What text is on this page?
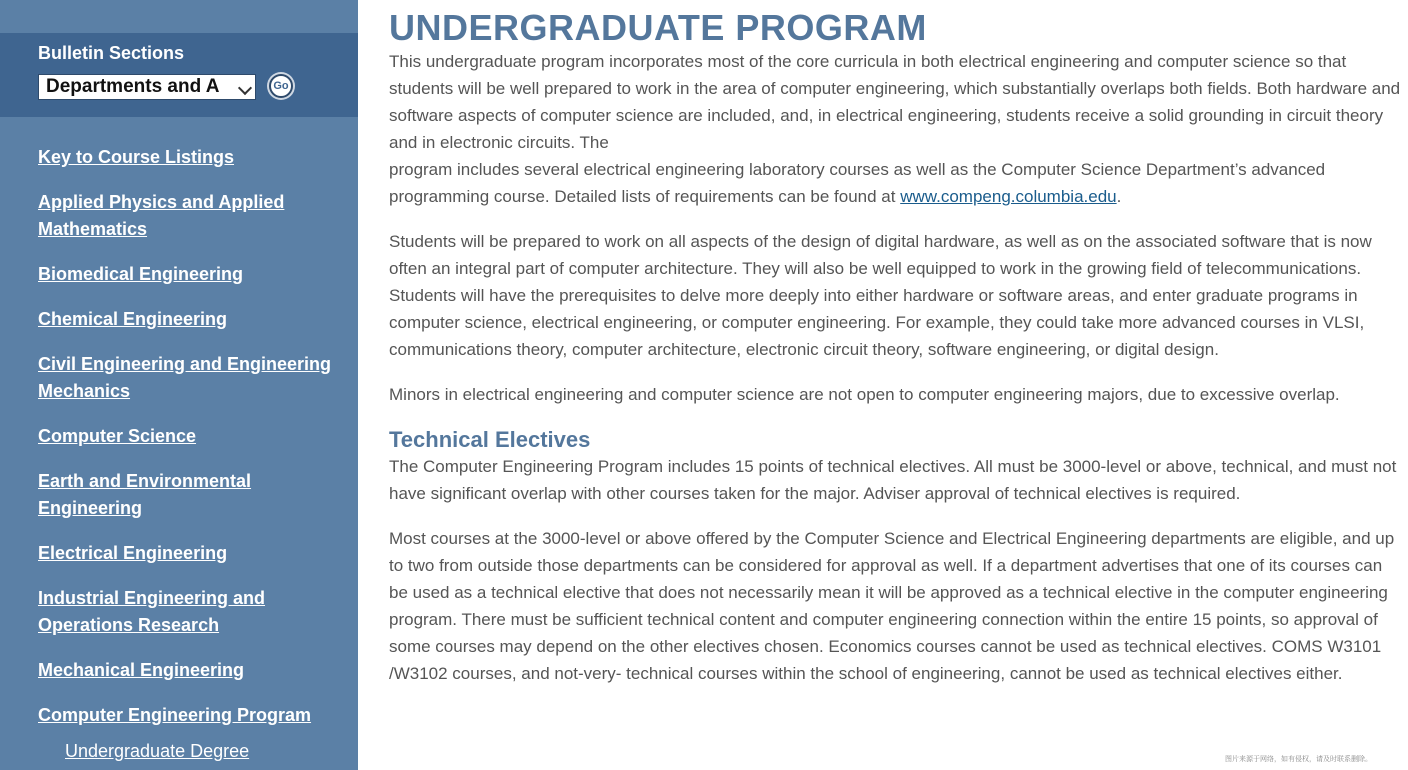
Bulletin Sections
Departments and A	Go
Key to Course Listings
Applied Physics and Applied Mathematics
Biomedical Engineering
Chemical Engineering
Civil Engineering and Engineering Mechanics
Computer Science
Earth and Environmental Engineering
Electrical Engineering
Industrial Engineering and Operations Research
Mechanical Engineering
Computer Engineering Program
Undergraduate Degree
UNDERGRADUATE PROGRAM

This undergraduate program incorporates most of the core curricula in both electrical engineering and computer science so that students will be well prepared to work in the area of computer engineering, which substantially overlaps both fields. Both hardware and software aspects of computer science are included, and, in electrical engineering, students receive a solid grounding in circuit theory and in electronic circuits. The
program includes several electrical engineering laboratory courses as well as the Computer Science Department’s advanced programming course. Detailed lists of requirements can be found at www.compeng.columbia.edu.

Students will be prepared to work on all aspects of the design of digital hardware, as well as on the associated software that is now often an integral part of computer architecture. They will also be well equipped to work in the growing field of telecommunications. Students will have the prerequisites to delve more deeply into either hardware or software areas, and enter graduate programs in computer science, electrical engineering, or computer engineering. For example, they could take more advanced courses in VLSI, communications theory, computer architecture, electronic circuit theory, software engineering, or digital design.

Minors in electrical engineering and computer science are not open to computer engineering majors, due to excessive overlap.

Technical Electives

The Computer Engineering Program includes 15 points of technical electives. All must be 3000-level or above, technical, and must not have significant overlap with other courses taken for the major. Adviser approval of technical electives is required.

Most courses at the 3000-level or above offered by the Computer Science and Electrical Engineering departments are eligible, and up to two from outside those departments can be considered for approval as well. If a department advertises that one of its courses can be used as a technical elective that does not necessarily mean it will be approved as a technical elective in the computer engineering program. There must be sufficient technical content and computer engineering connection within the entire 15 points, so approval of some courses may depend on the other electives chosen. Economics courses cannot be used as technical electives. COMS W3101 /W3102 courses, and not-very- technical courses within the school of engineering, cannot be used as technical electives either.

图片来源于网络，如有侵权，请及时联系删除。
